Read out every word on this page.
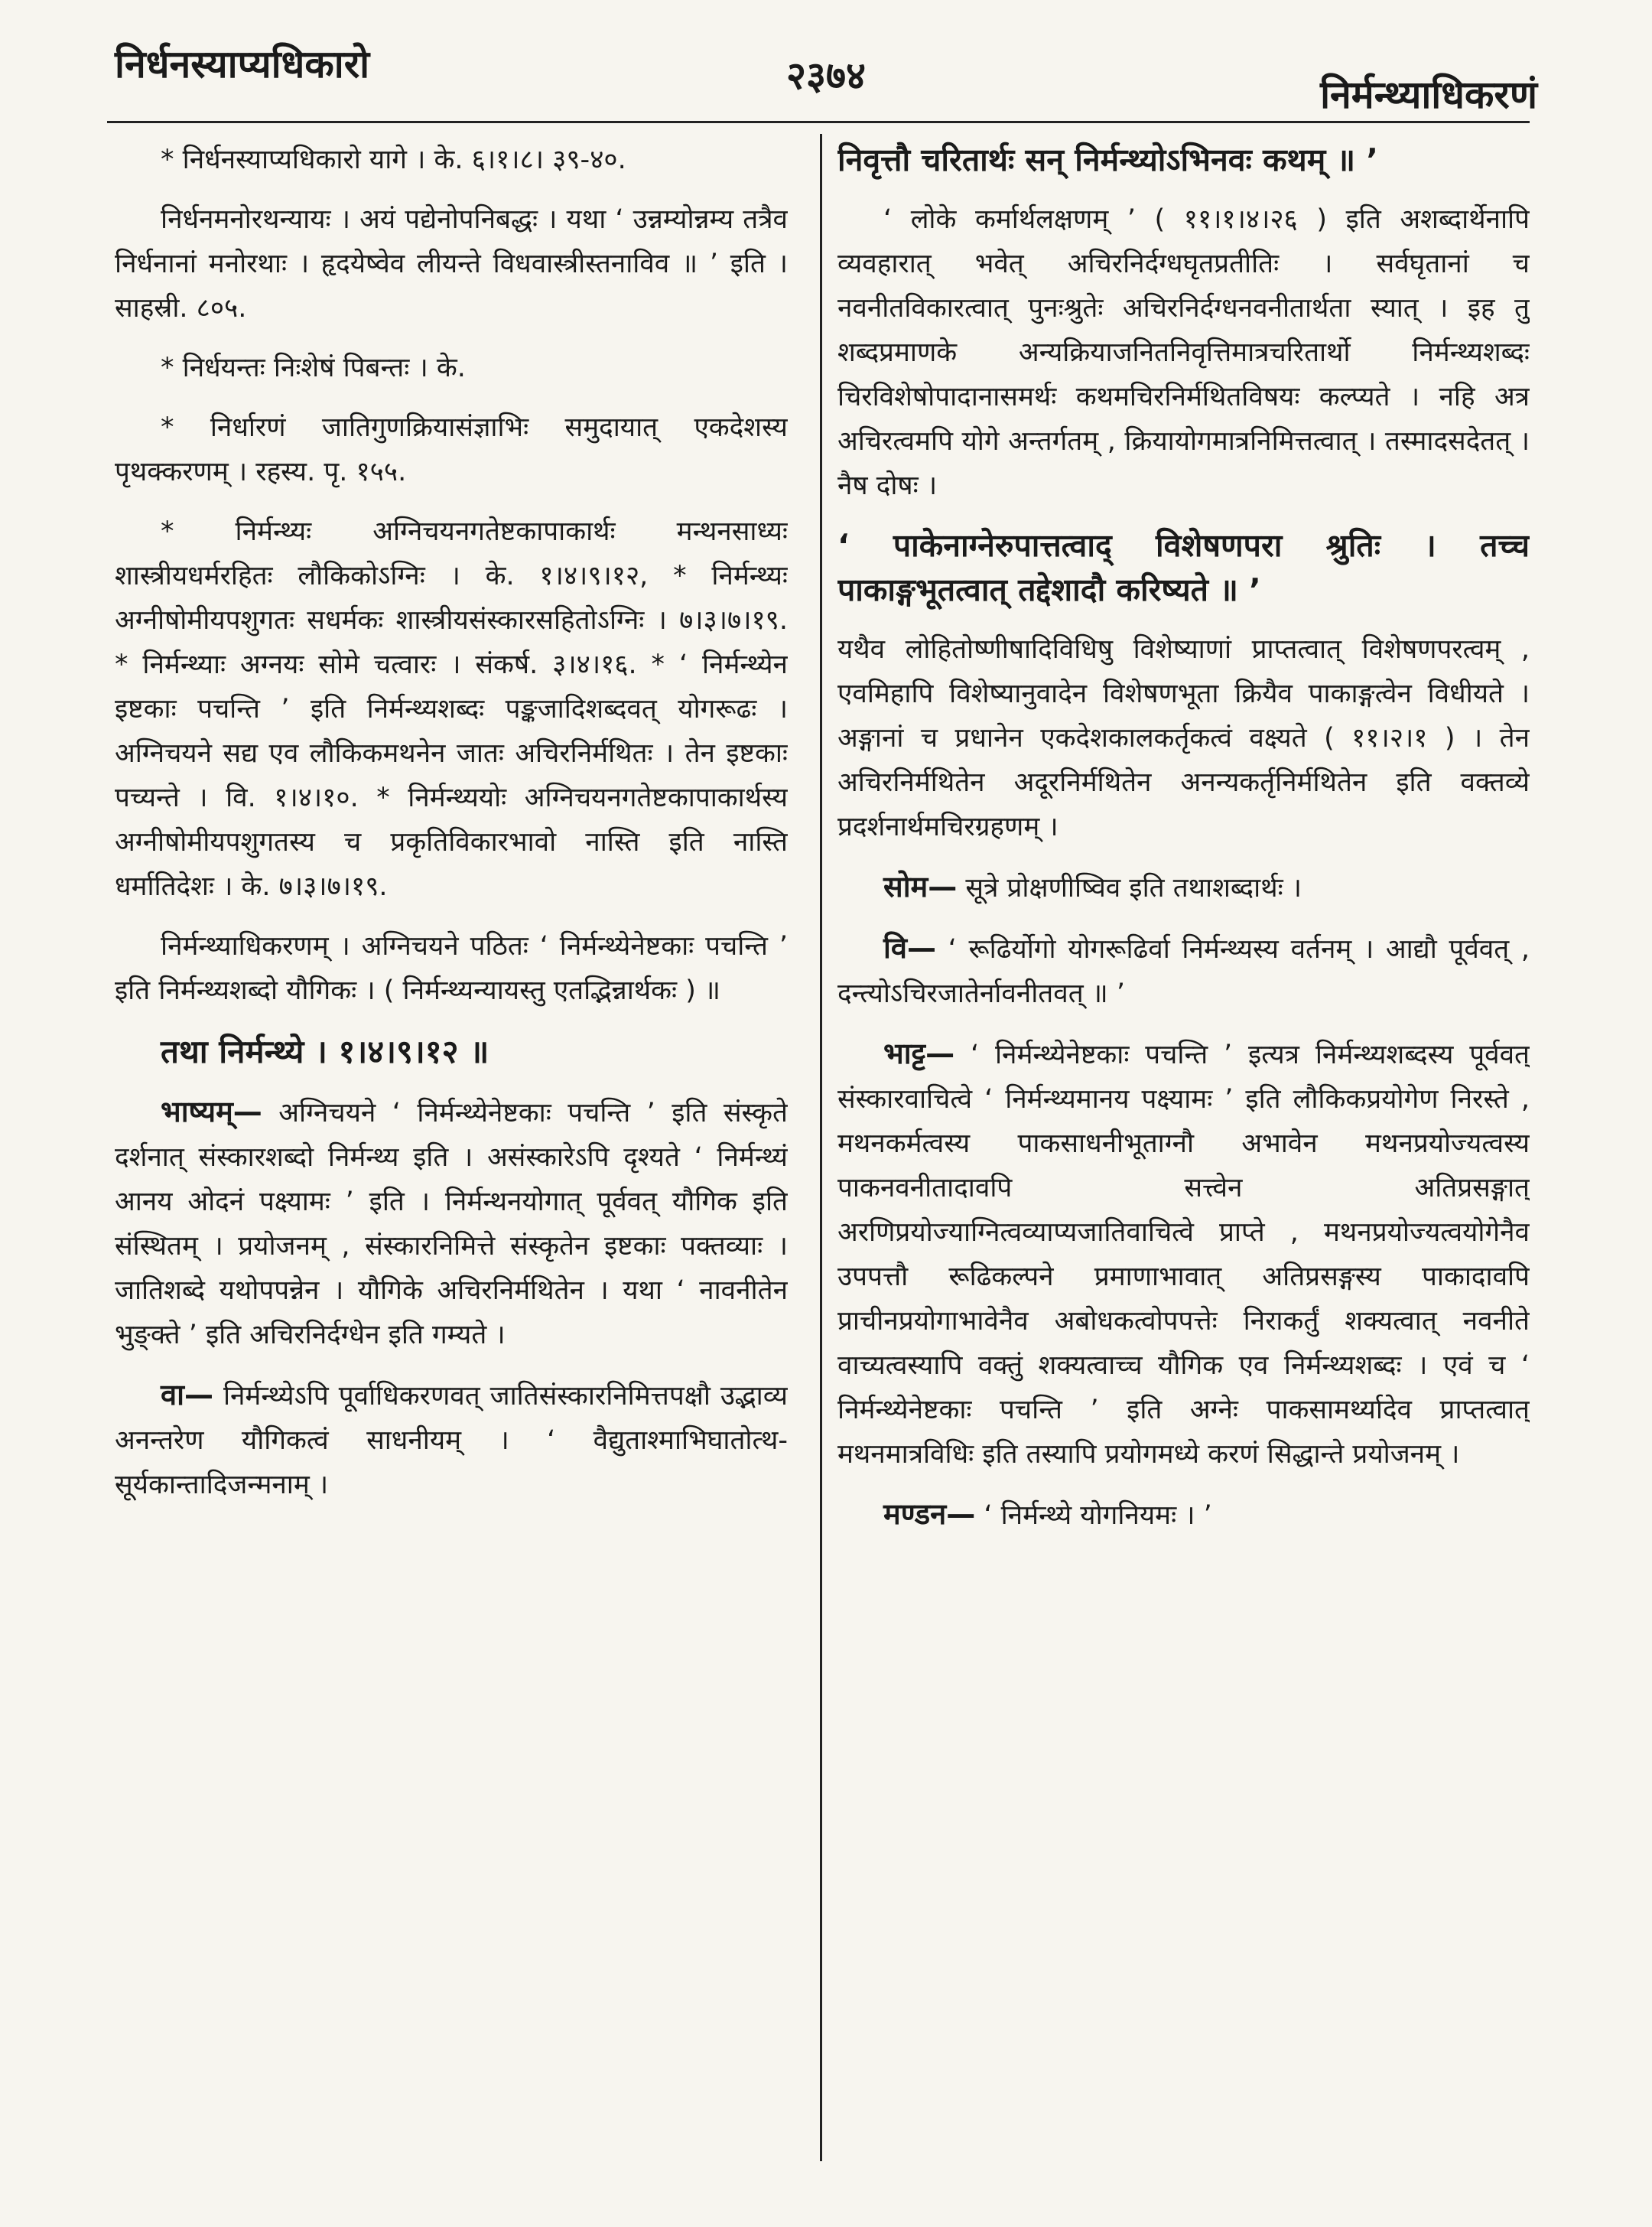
निर्धनस्याप्यधिकारो	२३७४	निर्मन्थ्याधिकरणं

* निर्धनस्याप्यधिकारो यागे । के. ६।१।८। ३९-४०.

निर्धनमनोरथन्यायः । अयं पद्येनोपनिबद्धः । यथा ‘ उन्नम्योन्नम्य तत्रैव निर्धनानां मनोरथाः । हृदयेष्वेव लीयन्ते विधवास्त्रीस्तनाविव ॥ ’ इति । साहस्री. ८०५.

* निर्धयन्तः निःशेषं पिबन्तः । के.

* निर्धारणं जातिगुणक्रियासंज्ञाभिः समुदायात् एकदेशस्य पृथक्करणम् । रहस्य. पृ. १५५.

* निर्मन्थ्यः अग्निचयनगतेष्टकापाकार्थः मन्थनसाध्यः शास्त्रीयधर्मरहितः लौकिकोऽग्निः । के. १।४।९।१२, * निर्मन्थ्यः अग्नीषोमीयपशुगतः सधर्मकः शास्त्रीयसंस्कारसहितोऽग्निः । ७।३।७।१९. * निर्मन्थ्याः अग्नयः सोमे चत्वारः । संकर्ष. ३।४।१६. * ‘ निर्मन्थ्येन इष्टकाः पचन्ति ’ इति निर्मन्थ्यशब्दः पङ्कजादिशब्दवत् योगरूढः । अग्निचयने सद्य एव लौकिकमथनेन जातः अचिरनिर्मथितः । तेन इष्टकाः पच्यन्ते । वि. १।४।१०. * निर्मन्थ्ययोः अग्निचयनगतेष्टकापाकार्थस्य अग्नीषोमीयपशुगतस्य च प्रकृतिविकारभावो नास्ति इति नास्ति धर्मातिदेशः । के. ७।३।७।१९.

निर्मन्थ्याधिकरणम् । अग्निचयने पठितः ‘ निर्मन्थ्येनेष्टकाः पचन्ति ’ इति निर्मन्थ्यशब्दो यौगिकः । ( निर्मन्थ्यन्यायस्तु एतद्भिन्नार्थकः ) ॥

तथा निर्मन्थ्ये । १।४।९।१२ ॥

भाष्यम्— अग्निचयने ‘ निर्मन्थ्येनेष्टकाः पचन्ति ’ इति संस्कृते दर्शनात् संस्कारशब्दो निर्मन्थ्य इति । असंस्कारेऽपि दृश्यते ‘ निर्मन्थ्यं आनय ओदनं पक्ष्यामः ’ इति । निर्मन्थनयोगात् पूर्ववत् यौगिक इति संस्थितम् । प्रयोजनम् , संस्कारनिमित्ते संस्कृतेन इष्टकाः पक्तव्याः । जातिशब्दे यथोपपन्नेन । यौगिके अचिरनिर्मथितेन । यथा ‘ नावनीतेन भुङ्क्ते ’ इति अचिरनिर्दग्धेन इति गम्यते ।

वा— निर्मन्थ्येऽपि पूर्वाधिकरणवत् जातिसंस्कारनिमित्तपक्षौ उद्भाव्य अनन्तरेण यौगिकत्वं साधनीयम् । ‘ वैद्युताश्माभिघातोत्थ- सूर्यकान्तादिजन्मनाम् ।

निवृत्तौ चरितार्थः सन् निर्मन्थ्योऽभिनवः कथम् ॥ ’

‘ लोके कर्मार्थलक्षणम् ’ ( ११।१।४।२६ ) इति अशब्दार्थेनापि व्यवहारात् भवेत् अचिरनिर्दग्धघृतप्रतीतिः । सर्वघृतानां च नवनीतविकारत्वात् पुनःश्रुतेः अचिरनिर्दग्धनवनीतार्थता स्यात् । इह तु शब्दप्रमाणके अन्यक्रियाजनितनिवृत्तिमात्रचरितार्थो निर्मन्थ्यशब्दः चिरविशेषोपादानासमर्थः कथमचिरनिर्मथितविषयः कल्प्यते । नहि अत्र अचिरत्वमपि योगे अन्तर्गतम् , क्रियायोगमात्रनिमित्तत्वात् । तस्मादसदेतत् । नैष दोषः ।

‘ पाकेनाग्नेरुपात्तत्वाद् विशेषणपरा श्रुतिः । तच्च पाकाङ्गभूतत्वात् तद्देशादौ करिष्यते ॥ ’

यथैव लोहितोष्णीषादिविधिषु विशेष्याणां प्राप्तत्वात् विशेषणपरत्वम् , एवमिहापि विशेष्यानुवादेन विशेषणभूता क्रियैव पाकाङ्गत्वेन विधीयते । अङ्गानां च प्रधानेन एकदेशकालकर्तृकत्वं वक्ष्यते ( ११।२।१ ) । तेन अचिरनिर्मथितेन अदूरनिर्मथितेन अनन्यकर्तृनिर्मथितेन इति वक्तव्ये प्रदर्शनार्थमचिरग्रहणम् ।

सोम— सूत्रे प्रोक्षणीष्विव इति तथाशब्दार्थः ।

वि— ‘ रूढिर्योगो योगरूढिर्वा निर्मन्थ्यस्य वर्तनम् । आद्यौ पूर्ववत् , दन्त्योऽचिरजातेर्नावनीतवत् ॥ ’

भाट्ट— ‘ निर्मन्थ्येनेष्टकाः पचन्ति ’ इत्यत्र निर्मन्थ्यशब्दस्य पूर्ववत् संस्कारवाचित्वे ‘ निर्मन्थ्यमानय पक्ष्यामः ’ इति लौकिकप्रयोगेण निरस्ते , मथनकर्मत्वस्य पाकसाधनीभूताग्नौ अभावेन मथनप्रयोज्यत्वस्य पाकनवनीतादावपि सत्त्वेन अतिप्रसङ्गात् अरणिप्रयोज्याग्नित्वव्याप्यजातिवाचित्वे प्राप्ते , मथनप्रयोज्यत्वयोगेनैव उपपत्तौ रूढिकल्पने प्रमाणाभावात् अतिप्रसङ्गस्य पाकादावपि प्राचीनप्रयोगाभावेनैव अबोधकत्वोपपत्तेः निराकर्तुं शक्यत्वात् नवनीते वाच्यत्वस्यापि वक्तुं शक्यत्वाच्च यौगिक एव निर्मन्थ्यशब्दः । एवं च ‘ निर्मन्थ्येनेष्टकाः पचन्ति ’ इति अग्नेः पाकसामर्थ्यादेव प्राप्तत्वात् मथनमात्रविधिः इति तस्यापि प्रयोगमध्ये करणं सिद्धान्ते प्रयोजनम् ।

मण्डन— ‘ निर्मन्थ्ये योगनियमः । ’
